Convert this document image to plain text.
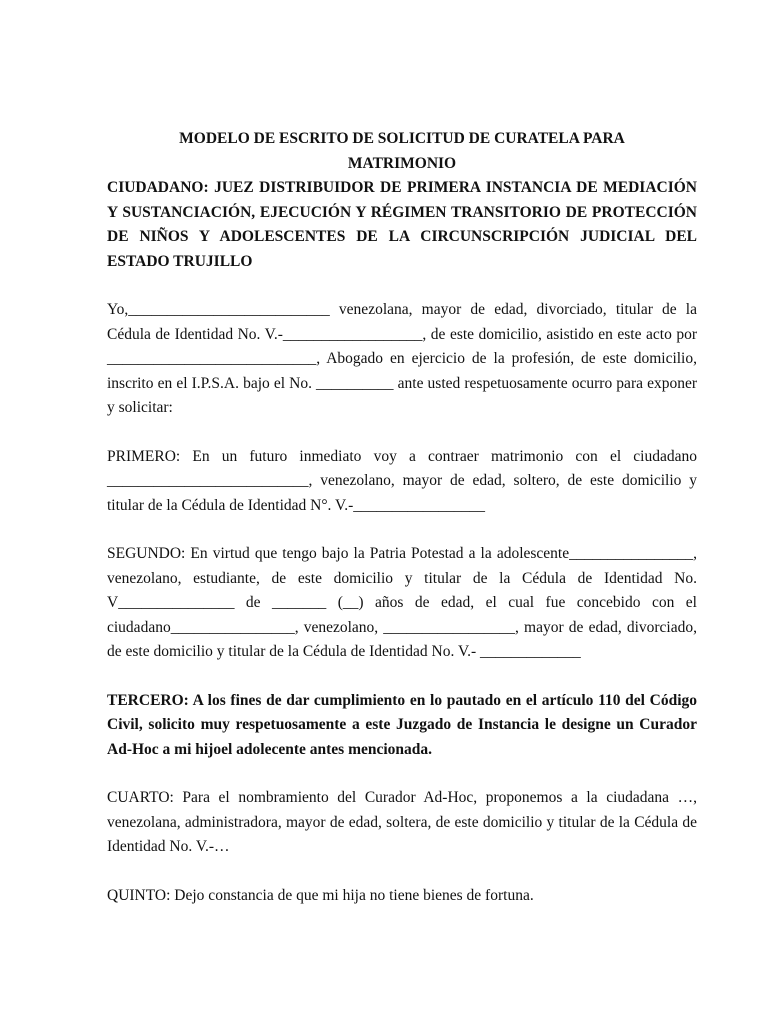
MODELO DE ESCRITO DE SOLICITUD DE CURATELA PARA

MATRIMONIO

CIUDADANO: JUEZ DISTRIBUIDOR DE PRIMERA INSTANCIA DE MEDIACIÓN Y SUSTANCIACIÓN, EJECUCIÓN Y RÉGIMEN TRANSITORIO DE PROTECCIÓN DE NIÑOS Y ADOLESCENTES DE LA CIRCUNSCRIPCIÓN JUDICIAL DEL ESTADO TRUJILLO

Yo,__________________________ venezolana, mayor de edad, divorciado, titular de la Cédula de Identidad No. V.-__________________, de este domicilio, asistido en este acto por ___________________________, Abogado en ejercicio de la profesión, de este domicilio, inscrito en el I.P.S.A. bajo el No. __________ ante usted respetuosamente ocurro para exponer y solicitar:

PRIMERO: En un futuro inmediato voy a contraer matrimonio con el ciudadano __________________________, venezolano, mayor de edad, soltero, de este domicilio y titular de la Cédula de Identidad N°. V.-_________________

SEGUNDO: En virtud que tengo bajo la Patria Potestad a la adolescente________________, venezolano, estudiante, de este domicilio y titular de la Cédula de Identidad No. V_______________ de _______ (__) años de edad, el cual fue concebido con el ciudadano________________, venezolano, _________________, mayor de edad, divorciado, de este domicilio y titular de la Cédula de Identidad No. V.- _____________

TERCERO: A los fines de dar cumplimiento en lo pautado en el artículo 110 del Código Civil, solicito muy respetuosamente a este Juzgado de Instancia le designe un Curador Ad-Hoc a mi hijoel adolecente antes mencionada.

CUARTO: Para el nombramiento del Curador Ad-Hoc, proponemos a la ciudadana …, venezolana, administradora, mayor de edad, soltera, de este domicilio y titular de la Cédula de Identidad No. V.-…

QUINTO: Dejo constancia de que mi hija no tiene bienes de fortuna.
